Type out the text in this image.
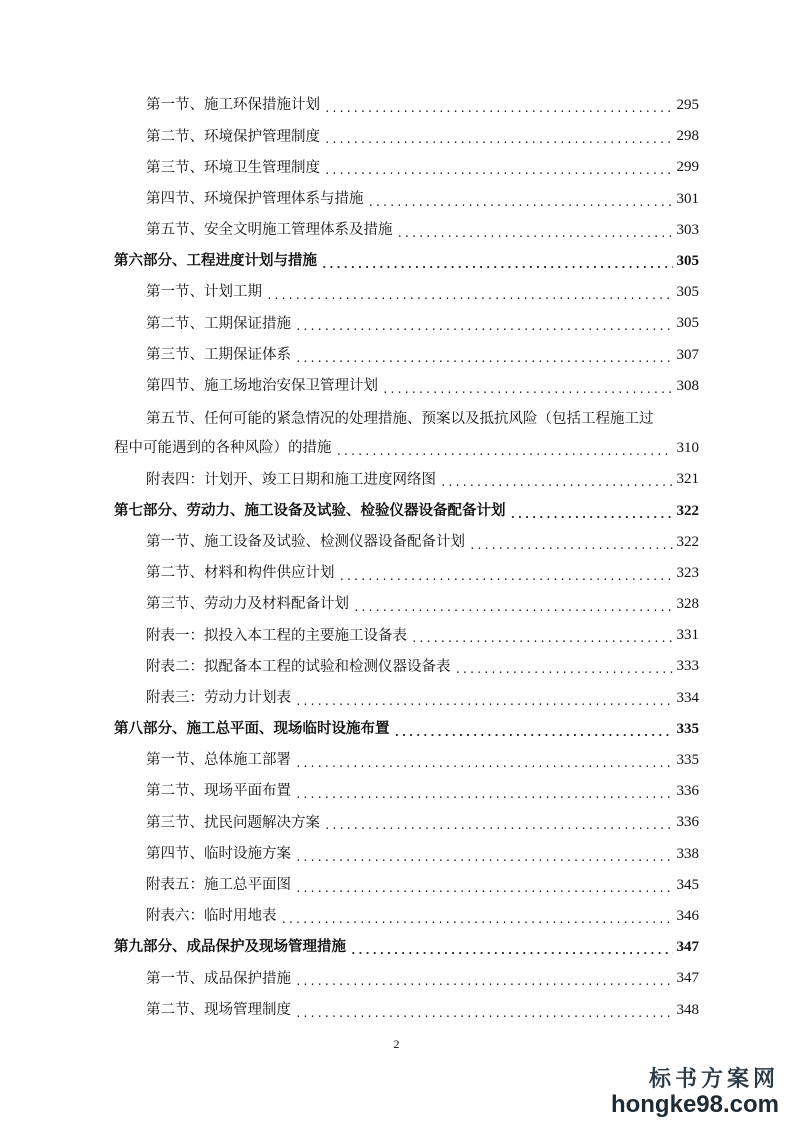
第一节、施工环保措施计划 .....	295
第二节、环境保护管理制度 .....	298
第三节、环境卫生管理制度 .....	299
第四节、环境保护管理体系与措施 .....	301
第五节、安全文明施工管理体系及措施 .....	303
第六部分、工程进度计划与措施 .....	305
第一节、计划工期 .....	305
第二节、工期保证措施 .....	305
第三节、工期保证体系 .....	307
第四节、施工场地治安保卫管理计划 .....	308
第五节、任何可能的紧急情况的处理措施、预案以及抵抗风险（包括工程施工过
程中可能遇到的各种风险）的措施 .....	310
附表四：计划开、竣工日期和施工进度网络图 .....	321
第七部分、劳动力、施工设备及试验、检验仪器设备配备计划 .....	322
第一节、施工设备及试验、检测仪器设备配备计划 .....	322
第二节、材料和构件供应计划 .....	323
第三节、劳动力及材料配备计划 .....	328
附表一：拟投入本工程的主要施工设备表 .....	331
附表二：拟配备本工程的试验和检测仪器设备表 .....	333
附表三：劳动力计划表 .....	334
第八部分、施工总平面、现场临时设施布置 .....	335
第一节、总体施工部署 .....	335
第二节、现场平面布置 .....	336
第三节、扰民问题解决方案 .....	336
第四节、临时设施方案 .....	338
附表五：施工总平面图 .....	345
附表六：临时用地表 .....	346
第九部分、成品保护及现场管理措施 .....	347
第一节、成品保护措施 .....	347
第二节、现场管理制度 .....	348
2
标书方案网
hongke98.com
